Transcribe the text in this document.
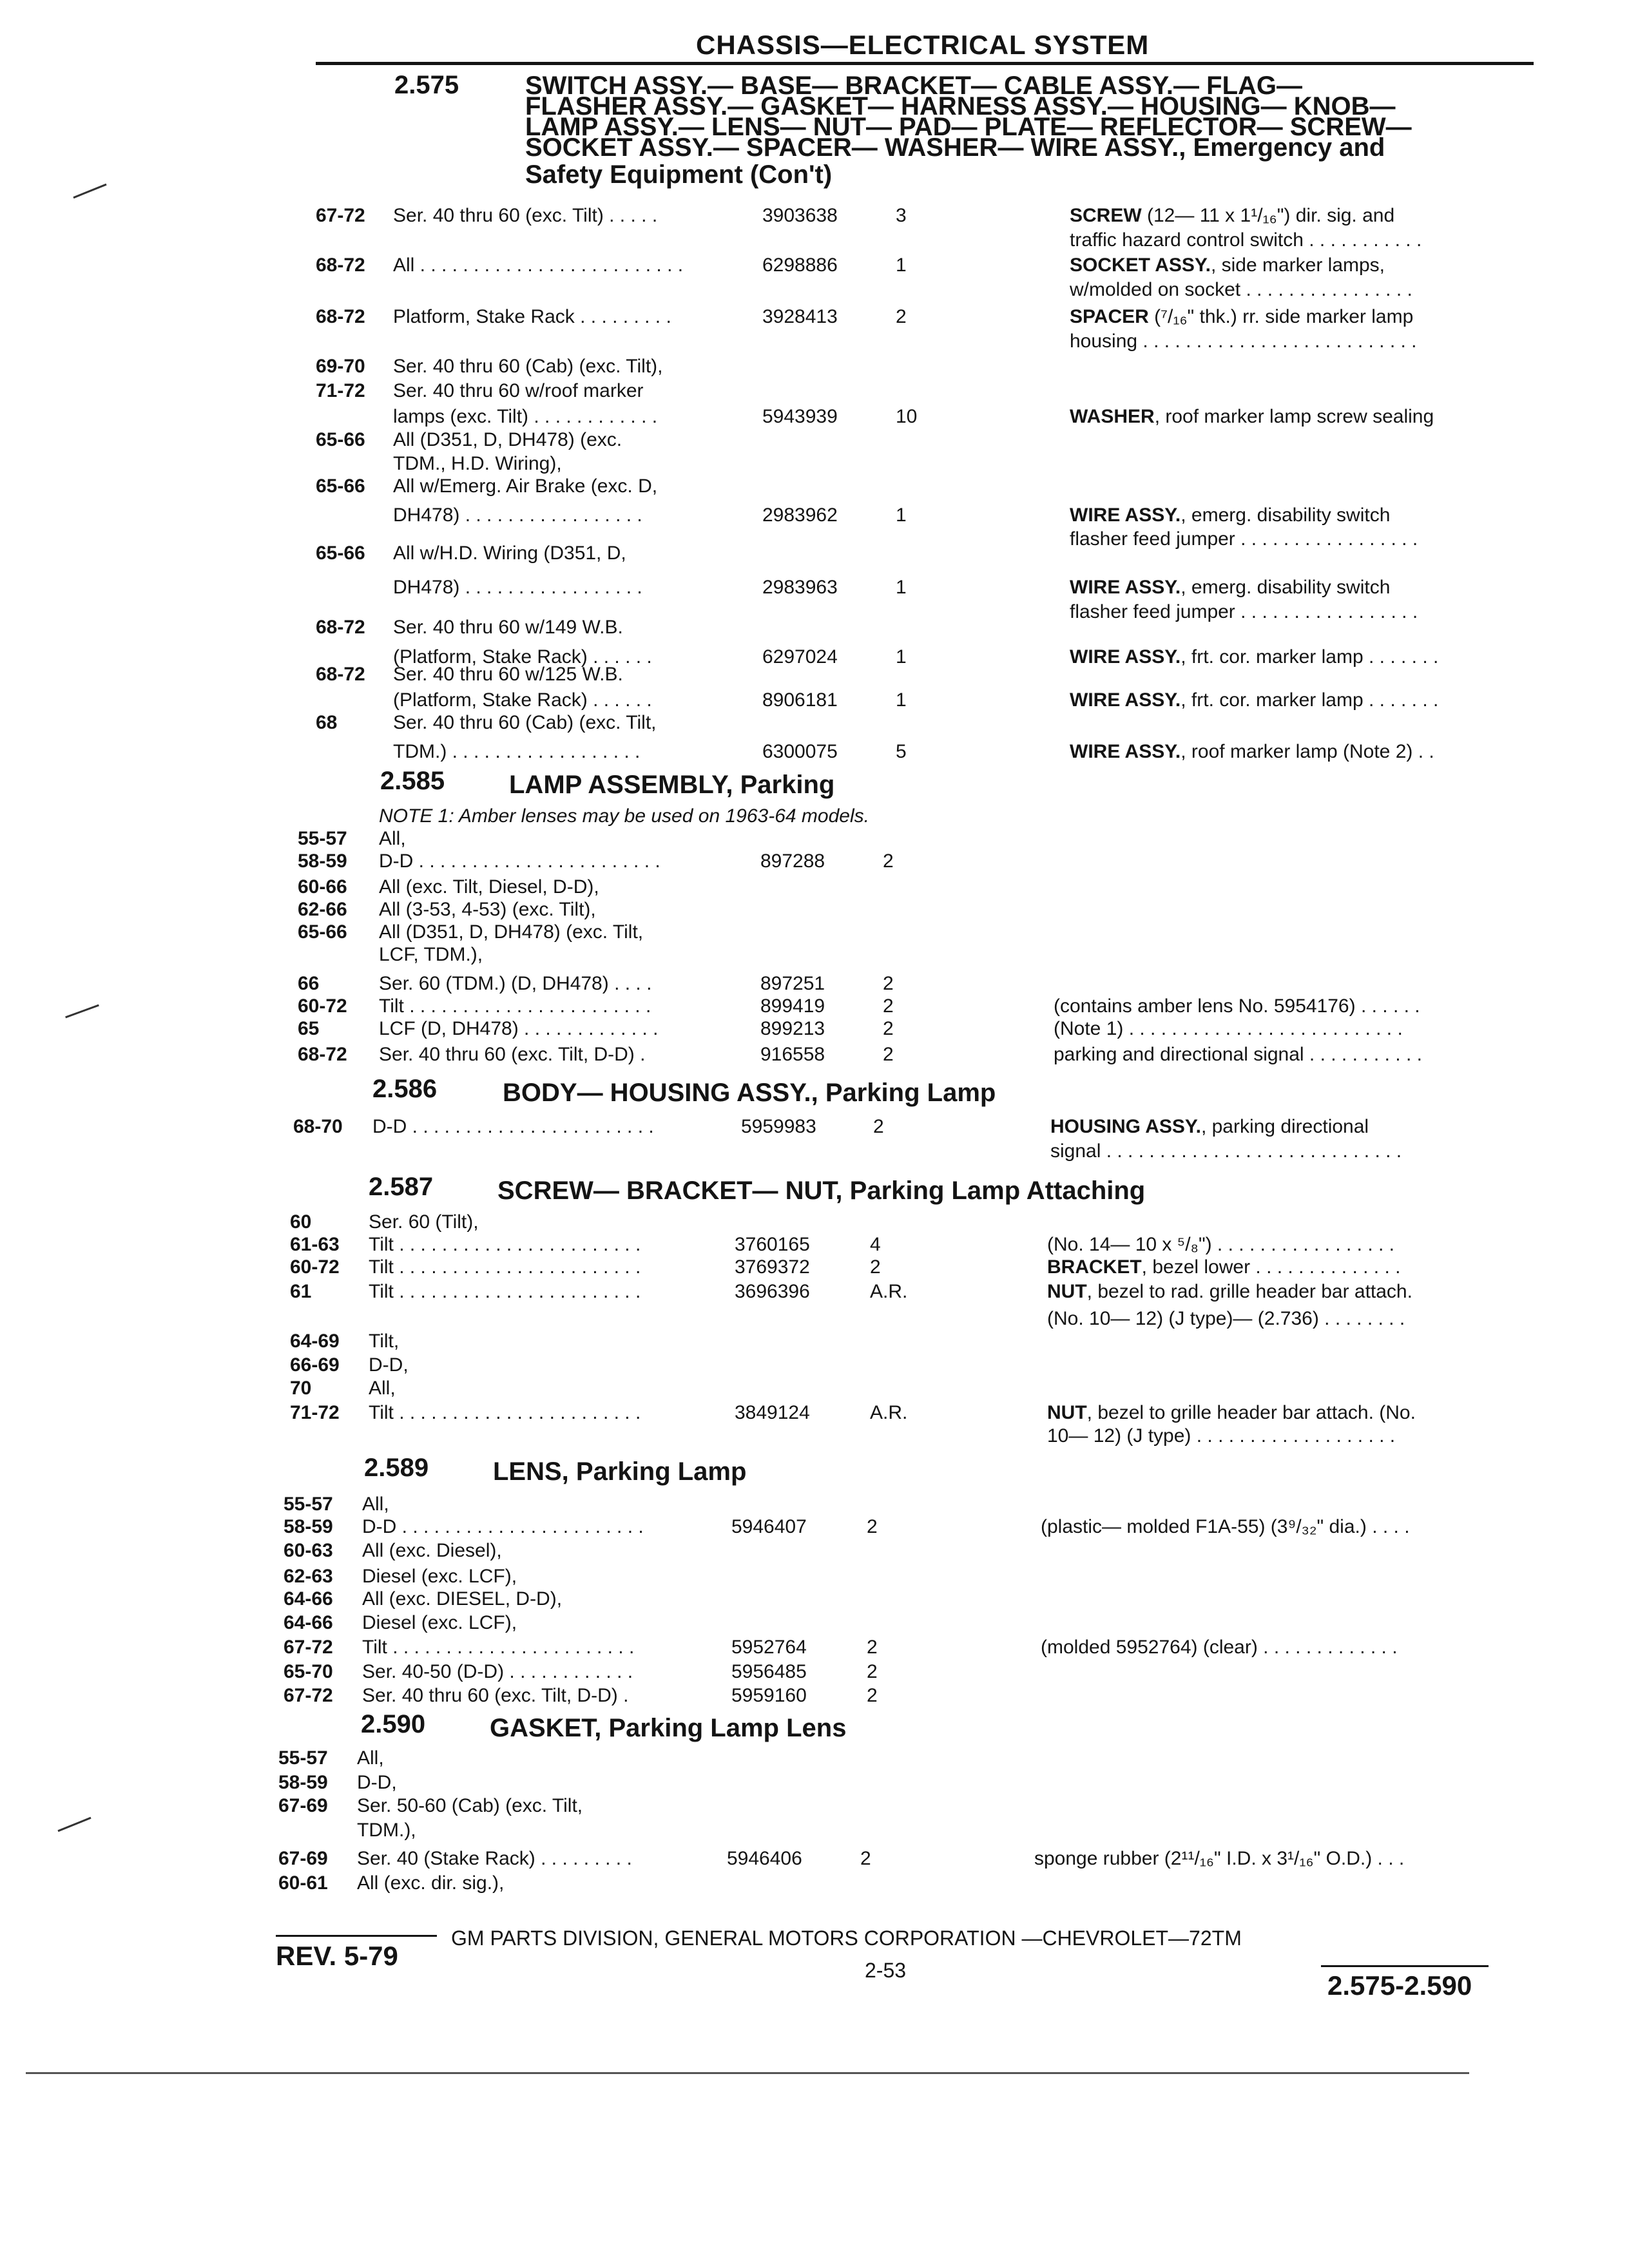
CHASSIS—ELECTRICAL SYSTEM
2.575	SWITCH ASSY.— BASE— BRACKET— CABLE ASSY.— FLAG—
FLASHER ASSY.— GASKET— HARNESS ASSY.— HOUSING— KNOB—
LAMP ASSY.— LENS— NUT— PAD— PLATE— REFLECTOR— SCREW—
SOCKET ASSY.— SPACER— WASHER— WIRE ASSY., Emergency and
Safety Equipment (Con't)
67-72 Ser. 40 thru 60 (exc. Tilt) . . . . .	3903638	3	SCREW (12— 11 x 1¹/₁₆") dir. sig. and
traffic hazard control switch . . . . . . . . . . .
68-72 All . . . . . . . . . . . . . . . . . . . . . . . . .	6298886	1	SOCKET ASSY., side marker lamps,
w/molded on socket . . . . . . . . . . . . . . . .
68-72 Platform, Stake Rack . . . . . . . . .	3928413	2	SPACER (⁷/₁₆" thk.) rr. side marker lamp
housing . . . . . . . . . . . . . . . . . . . . . . . . . .
69-70 Ser. 40 thru 60 (Cab) (exc. Tilt),
71-72 Ser. 40 thru 60 w/roof marker
lamps (exc. Tilt) . . . . . . . . . . . .	5943939	10	WASHER, roof marker lamp screw sealing
65-66 All (D351, D, DH478) (exc.
TDM., H.D. Wiring),
65-66 All w/Emerg. Air Brake (exc. D,
DH478) . . . . . . . . . . . . . . . . .	2983962	1	WIRE ASSY., emerg. disability switch
flasher feed jumper . . . . . . . . . . . . . . . . .
65-66 All w/H.D. Wiring (D351, D,
DH478) . . . . . . . . . . . . . . . . .	2983963	1	WIRE ASSY., emerg. disability switch
flasher feed jumper . . . . . . . . . . . . . . . . .
68-72 Ser. 40 thru 60 w/149 W.B.
(Platform, Stake Rack) . . . . . .	6297024	1	WIRE ASSY., frt. cor. marker lamp . . . . . . .
68-72 Ser. 40 thru 60 w/125 W.B.
(Platform, Stake Rack) . . . . . .	8906181	1	WIRE ASSY., frt. cor. marker lamp . . . . . . .
68	Ser. 40 thru 60 (Cab) (exc. Tilt,
TDM.) . . . . . . . . . . . . . . . . . .	6300075	5	WIRE ASSY., roof marker lamp (Note 2) . .
2.585 LAMP ASSEMBLY, Parking
NOTE 1: Amber lenses may be used on 1963-64 models.
55-57 All,
58-59 D-D . . . . . . . . . . . . . . . . . . . . . . .	897288	2
60-66 All (exc. Tilt, Diesel, D-D),
62-66 All (3-53, 4-53) (exc. Tilt),
65-66 All (D351, D, DH478) (exc. Tilt,
LCF, TDM.),
66	Ser. 60 (TDM.) (D, DH478) . . . .	897251	2
60-72 Tilt . . . . . . . . . . . . . . . . . . . . . . .	899419	2	(contains amber lens No. 5954176) . . . . . .
65	LCF (D, DH478) . . . . . . . . . . . . .	899213	2	(Note 1) . . . . . . . . . . . . . . . . . . . . . . . . . .
68-72 Ser. 40 thru 60 (exc. Tilt, D-D) .	916558	2	parking and directional signal . . . . . . . . . . .
2.586	BODY— HOUSING ASSY., Parking Lamp
68-70 D-D . . . . . . . . . . . . . . . . . . . . . . .	5959983	2	HOUSING ASSY., parking directional
signal . . . . . . . . . . . . . . . . . . . . . . . . . . . .
2.587 SCREW— BRACKET— NUT, Parking Lamp Attaching
60	Ser. 60 (Tilt),
61-63 Tilt . . . . . . . . . . . . . . . . . . . . . . .	3760165	4	(No. 14— 10 x ⁵/₈") . . . . . . . . . . . . . . . . .
60-72 Tilt . . . . . . . . . . . . . . . . . . . . . . .	3769372	2	BRACKET, bezel lower . . . . . . . . . . . . . .
61	Tilt . . . . . . . . . . . . . . . . . . . . . . .	3696396	A.R.	NUT, bezel to rad. grille header bar attach.
(No. 10— 12) (J type)— (2.736) . . . . . . . .
64-69 Tilt,
66-69 D-D,
70	All,
71-72 Tilt . . . . . . . . . . . . . . . . . . . . . . .	3849124	A.R.	NUT, bezel to grille header bar attach. (No.
10— 12) (J type) . . . . . . . . . . . . . . . . . . .
2.589 LENS, Parking Lamp
55-57 All,
58-59 D-D . . . . . . . . . . . . . . . . . . . . . . .	5946407	2	(plastic— molded F1A-55) (3⁹/₃₂" dia.) . . . .
60-63 All (exc. Diesel),
62-63 Diesel (exc. LCF),
64-66 All (exc. DIESEL, D-D),
64-66 Diesel (exc. LCF),
67-72 Tilt . . . . . . . . . . . . . . . . . . . . . . .	5952764	2	(molded 5952764) (clear) . . . . . . . . . . . . .
65-70 Ser. 40-50 (D-D) . . . . . . . . . . . .	5956485	2
67-72 Ser. 40 thru 60 (exc. Tilt, D-D) .	5959160	2
2.590 GASKET, Parking Lamp Lens
55-57 All,
58-59 D-D,
67-69 Ser. 50-60 (Cab) (exc. Tilt,
TDM.),
67-69 Ser. 40 (Stake Rack) . . . . . . . . .	5946406	2	sponge rubber (2¹¹/₁₆" I.D. x 3¹/₁₆" O.D.) . . .
60-61 All (exc. dir. sig.),
GM PARTS DIVISION, GENERAL MOTORS CORPORATION —CHEVROLET—72TM
REV. 5-79	2-53	2.575-2.590
